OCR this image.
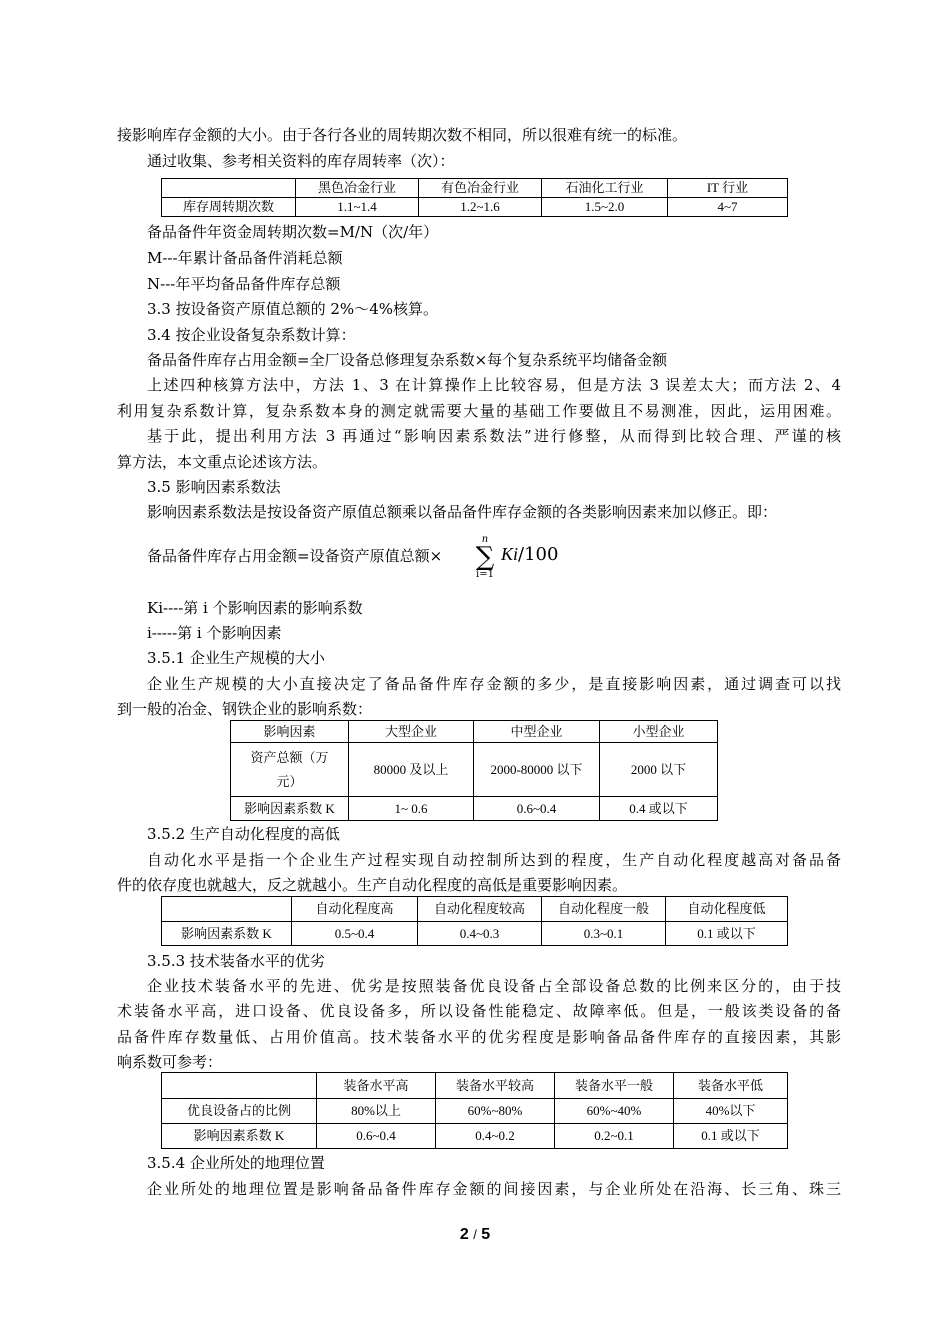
接影响库存金额的大小。由于各行各业的周转期次数不相同，所以很难有统一的标准。
通过收集、参考相关资料的库存周转率（次）：
	黑色冶金行业	有色冶金行业	石油化工行业	IT 行业
库存周转期次数	1.1~1.4	1.2~1.6	1.5~2.0	4~7
备品备件年资金周转期次数=M/N（次/年）
M---年累计备品备件消耗总额
N---年平均备品备件库存总额
3.3 按设备资产原值总额的 2%～4%核算。
3.4 按企业设备复杂系数计算：
备品备件库存占用金额=全厂设备总修理复杂系数×每个复杂系统平均储备金额
上述四种核算方法中，方法 1、3 在计算操作上比较容易，但是方法 3 误差太大；而方法 2、4
利用复杂系数计算，复杂系数本身的测定就需要大量的基础工作要做且不易测准，因此，运用困难。
基于此，提出利用方法 3 再通过“影响因素系数法”进行修整，从而得到比较合理、严谨的核
算方法，本文重点论述该方法。
3.5 影响因素系数法
影响因素系数法是按设备资产原值总额乘以备品备件库存金额的各类影响因素来加以修正。即：
备品备件库存占用金额=设备资产原值总额×
n
∑
i=1
Ki/100
Ki----第 i 个影响因素的影响系数
i-----第 i 个影响因素
3.5.1 企业生产规模的大小
企业生产规模的大小直接决定了备品备件库存金额的多少，是直接影响因素，通过调查可以找
到一般的冶金、钢铁企业的影响系数：
影响因素	大型企业	中型企业	小型企业
资产总额（万元）	80000 及以上	2000-80000 以下	2000 以下
影响因素系数 K	1~ 0.6	0.6~0.4	0.4 或以下
3.5.2 生产自动化程度的高低
自动化水平是指一个企业生产过程实现自动控制所达到的程度，生产自动化程度越高对备品备
件的依存度也就越大，反之就越小。生产自动化程度的高低是重要影响因素。
	自动化程度高	自动化程度较高	自动化程度一般	自动化程度低
影响因素系数 K	0.5~0.4	0.4~0.3	0.3~0.1	0.1 或以下
3.5.3 技术装备水平的优劣
企业技术装备水平的先进、优劣是按照装备优良设备占全部设备总数的比例来区分的，由于技
术装备水平高，进口设备、优良设备多，所以设备性能稳定、故障率低。但是，一般该类设备的备
品备件库存数量低、占用价值高。技术装备水平的优劣程度是影响备品备件库存的直接因素，其影
响系数可参考：
	装备水平高	装备水平较高	装备水平一般	装备水平低
优良设备占的比例	80%以上	60%~80%	60%~40%	40%以下
影响因素系数 K	0.6~0.4	0.4~0.2	0.2~0.1	0.1 或以下
3.5.4 企业所处的地理位置
企业所处的地理位置是影响备品备件库存金额的间接因素，与企业所处在沿海、长三角、珠三
2 / 5
